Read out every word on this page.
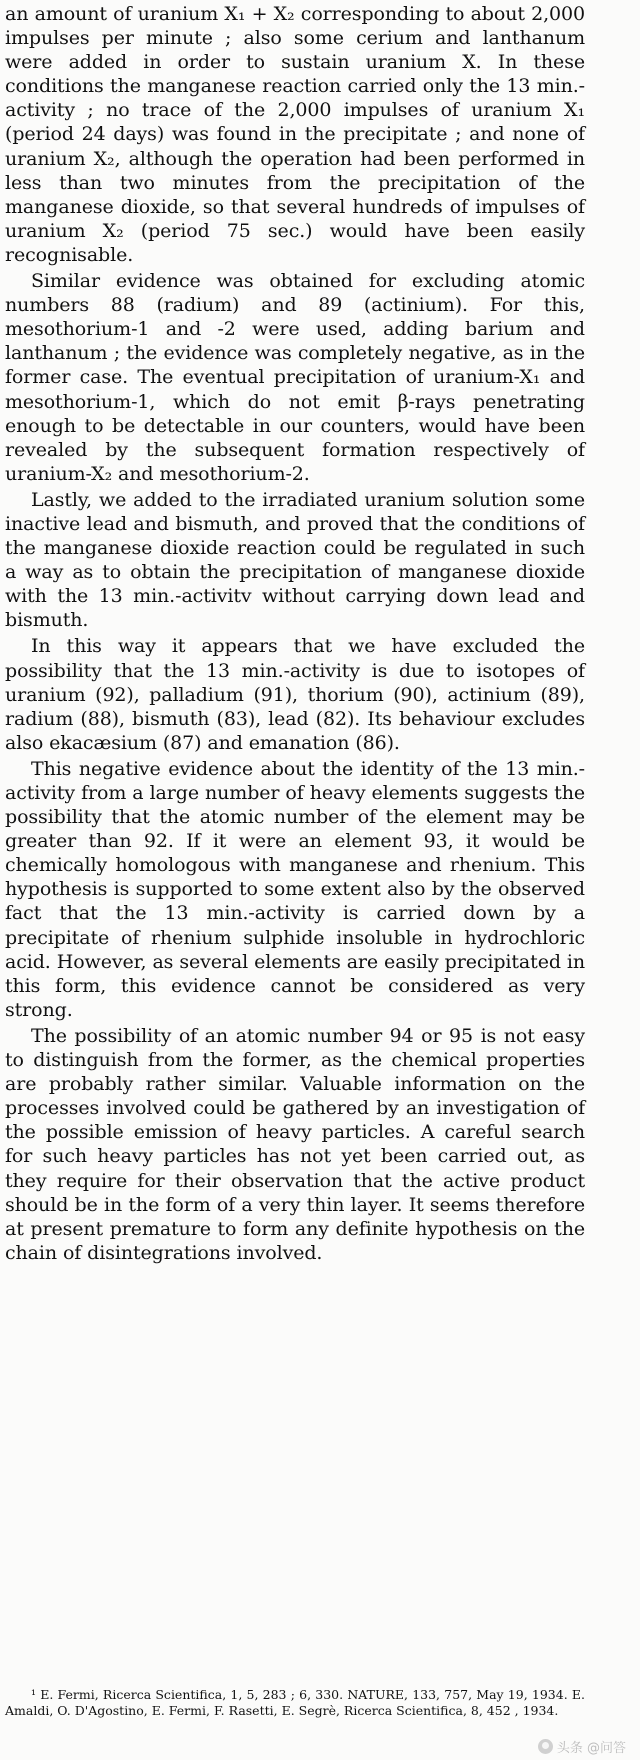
an amount of uranium X₁ + X₂ corresponding to about 2,000 impulses per minute ; also some cerium and lanthanum were added in order to sustain uranium X. In these conditions the manganese reaction carried only the 13 min.-activity ; no trace of the 2,000 impulses of uranium X₁ (period 24 days) was found in the precipitate ; and none of uranium X₂, although the operation had been performed in less than two minutes from the precipitation of the manganese dioxide, so that several hundreds of impulses of uranium X₂ (period 75 sec.) would have been easily recognisable.

Similar evidence was obtained for excluding atomic numbers 88 (radium) and 89 (actinium). For this, mesothorium-1 and -2 were used, adding barium and lanthanum ; the evidence was completely negative, as in the former case. The eventual precipitation of uranium-X₁ and mesothorium-1, which do not emit β-rays penetrating enough to be detectable in our counters, would have been revealed by the subsequent formation respectively of uranium-X₂ and mesothorium-2.

Lastly, we added to the irradiated uranium solution some inactive lead and bismuth, and proved that the conditions of the manganese dioxide reaction could be regulated in such a way as to obtain the precipitation of manganese dioxide with the 13 min.-activitv without carrying down lead and bismuth.

In this way it appears that we have excluded the possibility that the 13 min.-activity is due to isotopes of uranium (92), palladium (91), thorium (90), actinium (89), radium (88), bismuth (83), lead (82). Its behaviour excludes also ekacæsium (87) and emanation (86).

This negative evidence about the identity of the 13 min.-activity from a large number of heavy elements suggests the possibility that the atomic number of the element may be greater than 92. If it were an element 93, it would be chemically homologous with manganese and rhenium. This hypothesis is supported to some extent also by the observed fact that the 13 min.-activity is carried down by a precipitate of rhenium sulphide insoluble in hydrochloric acid. However, as several elements are easily precipitated in this form, this evidence cannot be considered as very strong.

The possibility of an atomic number 94 or 95 is not easy to distinguish from the former, as the chemical properties are probably rather similar. Valuable information on the processes involved could be gathered by an investigation of the possible emission of heavy particles. A careful search for such heavy particles has not yet been carried out, as they require for their observation that the active product should be in the form of a very thin layer. It seems therefore at present premature to form any definite hypothesis on the chain of disintegrations involved.

¹ E. Fermi, Ricerca Scientifica, 1, 5, 283 ; 6, 330. NATURE, 133, 757, May 19, 1934. E. Amaldi, O. D'Agostino, E. Fermi, F. Rasetti, E. Segrè, Ricerca Scientifica, 8, 452 , 1934.
头条 @问答
